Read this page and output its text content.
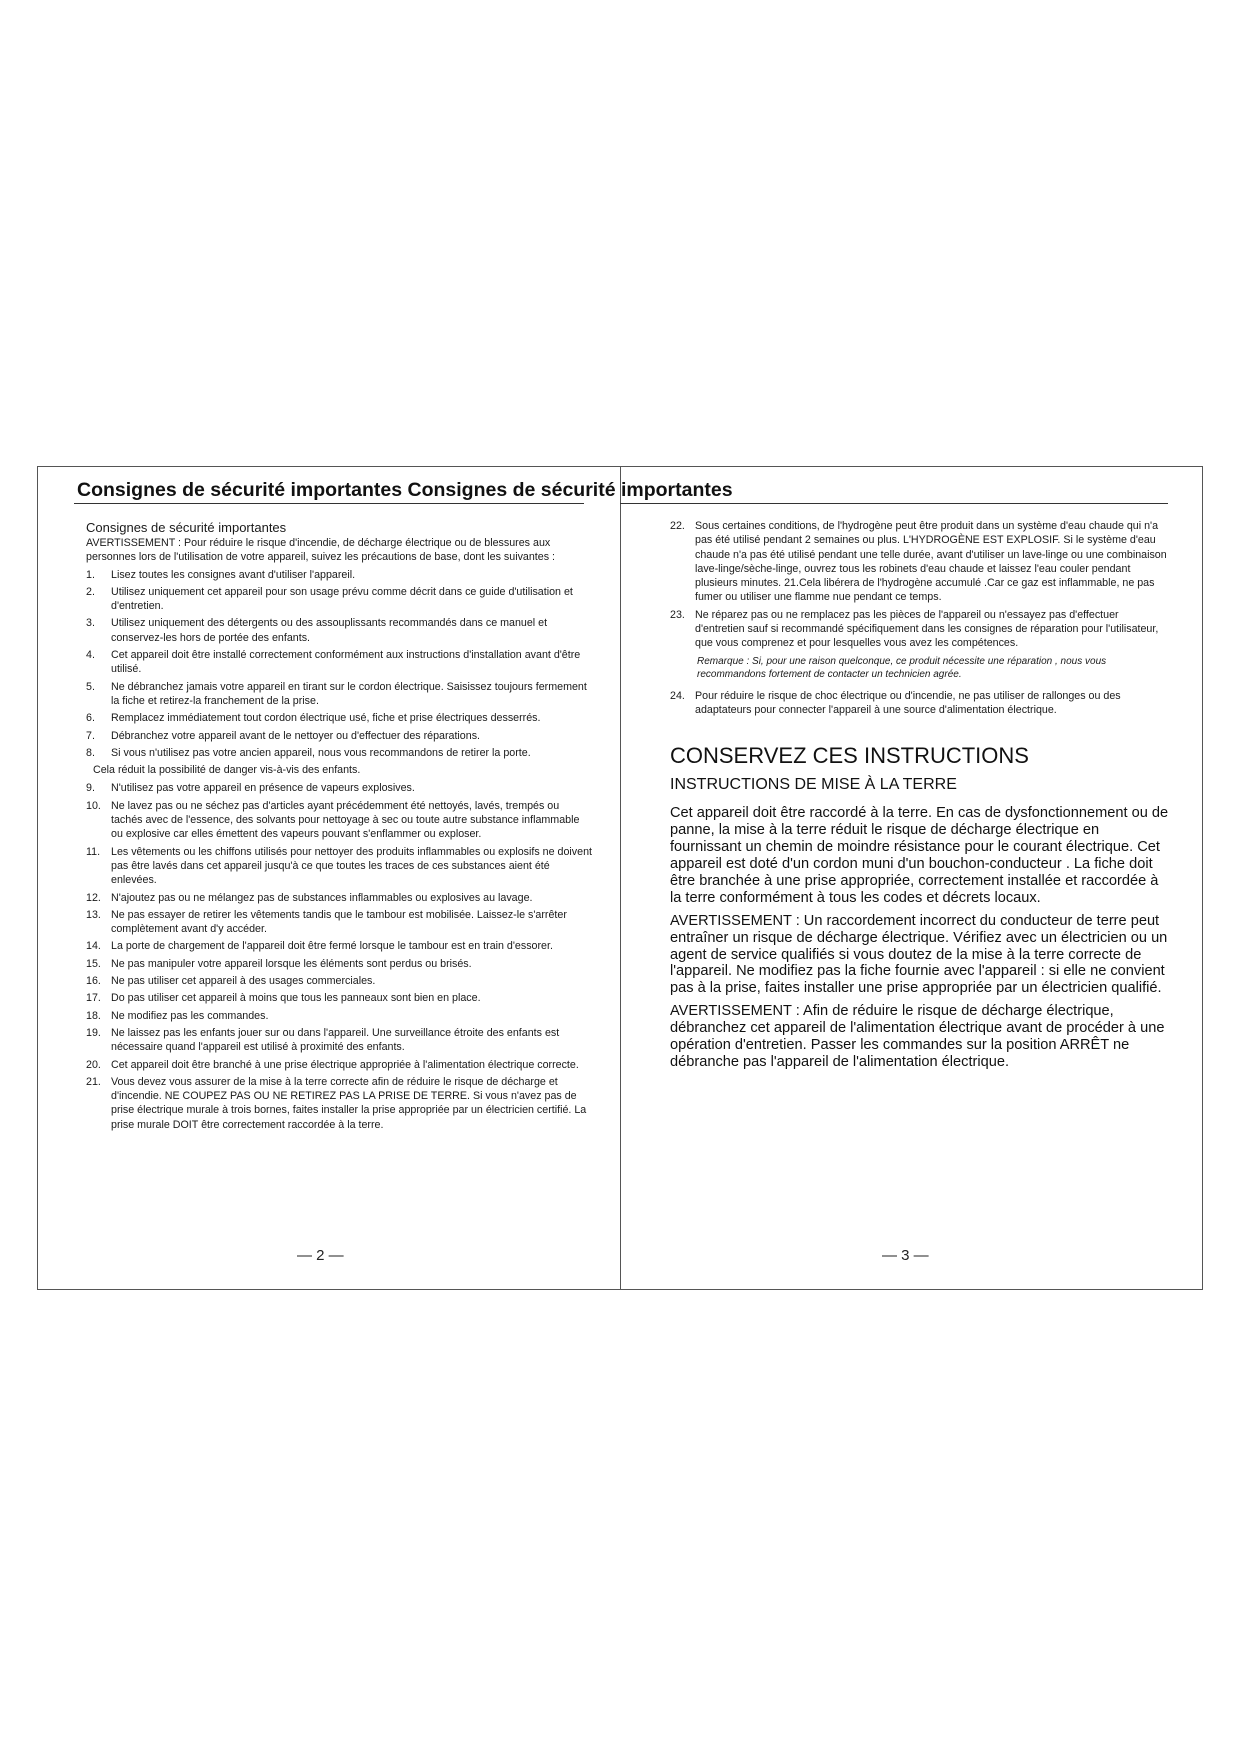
Consignes de sécurité importantes Consignes de sécurité importantes
Consignes de sécurité importantes

AVERTISSEMENT : Pour réduire le risque d'incendie, de décharge électrique ou de blessures aux personnes lors de l'utilisation de votre appareil, suivez les précautions de base, dont les suivantes :

1. Lisez toutes les consignes avant d'utiliser l'appareil.
2. Utilisez uniquement cet appareil pour son usage prévu comme décrit dans ce guide d'utilisation et d'entretien.
3. Utilisez uniquement des détergents ou des assouplissants recommandés dans ce manuel et conservez-les hors de portée des enfants.
4. Cet appareil doit être installé correctement conformément aux instructions d'installation avant d'être utilisé.
5. Ne débranchez jamais votre appareil en tirant sur le cordon électrique. Saisissez toujours fermement la fiche et retirez-la franchement de la prise.
6. Remplacez immédiatement tout cordon électrique usé, fiche et prise électriques desserrés.
7. Débranchez votre appareil avant de le nettoyer ou d'effectuer des réparations.
8. Si vous n'utilisez pas votre ancien appareil, nous vous recommandons de retirer la porte.

Cela réduit la possibilité de danger vis-à-vis des enfants.

9. N'utilisez pas votre appareil en présence de vapeurs explosives.
10. Ne lavez pas ou ne séchez pas d'articles ayant précédemment été nettoyés, lavés, trempés ou tachés avec de l'essence, des solvants pour nettoyage à sec ou toute autre substance inflammable ou explosive car elles émettent des vapeurs pouvant s'enflammer ou exploser.
11. Les vêtements ou les chiffons utilisés pour nettoyer des produits inflammables ou explosifs ne doivent pas être lavés dans cet appareil jusqu'à ce que toutes les traces de ces substances aient été enlevées.
12. N'ajoutez pas ou ne mélangez pas de substances inflammables ou explosives au lavage.
13. Ne pas essayer de retirer les vêtements tandis que le tambour est mobilisée. Laissez-le s'arrêter complètement avant d'y accéder.
14. La porte de chargement de l'appareil doit être fermé lorsque le tambour est en train d'essorer.
15. Ne pas manipuler votre appareil lorsque les éléments sont perdus ou brisés.
16. Ne pas utiliser cet appareil à des usages commerciales.
17. Do pas utiliser cet appareil à moins que tous les panneaux sont bien en place.
18. Ne modifiez pas les commandes.
19. Ne laissez pas les enfants jouer sur ou dans l'appareil. Une surveillance étroite des enfants est nécessaire quand l'appareil est utilisé à proximité des enfants.
20. Cet appareil doit être branché à une prise électrique appropriée à l'alimentation électrique correcte.
21. Vous devez vous assurer de la mise à la terre correcte afin de réduire le risque de décharge et d'incendie. NE COUPEZ PAS OU NE RETIREZ PAS LA PRISE DE TERRE. Si vous n'avez pas de prise électrique murale à trois bornes, faites installer la prise appropriée par un électricien certifié. La prise murale DOIT être correctement raccordée à la terre.
22. Sous certaines conditions, de l'hydrogène peut être produit dans un système d'eau chaude qui n'a pas été utilisé pendant 2 semaines ou plus. L'HYDROGÈNE EST EXPLOSIF. Si le système d'eau chaude n'a pas été utilisé pendant une telle durée, avant d'utiliser un lave-linge ou une combinaison lave-linge/sèche-linge, ouvrez tous les robinets d'eau chaude et laissez l'eau couler pendant plusieurs minutes. 21.Cela libérera de l'hydrogène accumulé .Car ce gaz est inflammable, ne pas fumer ou utiliser une flamme nue pendant ce temps.
23. Ne réparez pas ou ne remplacez pas les pièces de l'appareil ou n'essayez pas d'effectuer d'entretien sauf si recommandé spécifiquement dans les consignes de réparation pour l'utilisateur, que vous comprenez et pour lesquelles vous avez les compétences.

Remarque : Si, pour une raison quelconque, ce produit nécessite une réparation , nous vous recommandons fortement de contacter un technicien agrée.

24. Pour réduire le risque de choc électrique ou d'incendie, ne pas utiliser de rallonges ou des adaptateurs pour connecter l'appareil à une source d'alimentation électrique.
CONSERVEZ CES INSTRUCTIONS
INSTRUCTIONS DE MISE À LA TERRE

Cet appareil doit être raccordé à la terre. En cas de dysfonctionnement ou de panne, la mise à la terre réduit le risque de décharge électrique en fournissant un chemin de moindre résistance pour le courant électrique. Cet appareil est doté d'un cordon muni d'un bouchon-conducteur . La fiche doit être branchée à une prise appropriée, correctement installée et raccordée à la terre conformément à tous les codes et décrets locaux.

AVERTISSEMENT : Un raccordement incorrect du conducteur de terre peut entraîner un risque de décharge électrique. Vérifiez avec un électricien ou un agent de service qualifiés si vous doutez de la mise à la terre correcte de l'appareil. Ne modifiez pas la fiche fournie avec l'appareil : si elle ne convient pas à la prise, faites installer une prise appropriée par un électricien qualifié.

AVERTISSEMENT : Afin de réduire le risque de décharge électrique, débranchez cet appareil de l'alimentation électrique avant de procéder à une opération d'entretien. Passer les commandes sur la position ARRÊT ne débranche pas l'appareil de l'alimentation électrique.

— 2 —	— 3 —
